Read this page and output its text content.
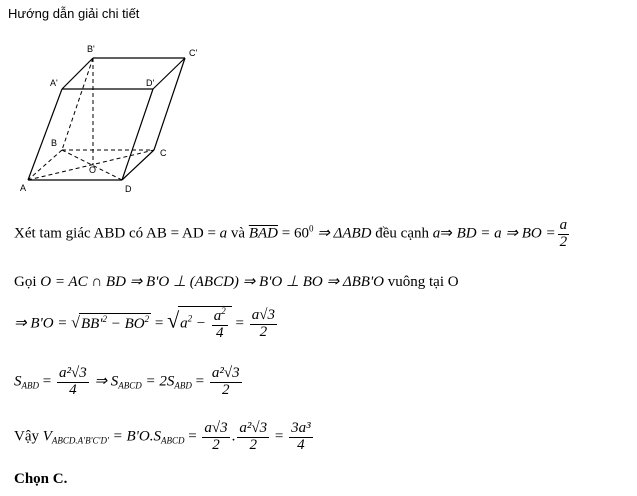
Hướng dẫn giải chi tiết
B'	C'
A'	D'
B
C
O
A	D
Xét tam giác ABD có AB = AD = a và $\overline{BAD} = 60^0$ ⇒ ΔABD đều cạnh a⇒ BD = a ⇒ BO = $\frac{a}{2}$
Gọi O = AC ∩ BD ⇒ B'O ⊥ (ABCD) ⇒ B'O ⊥ BO ⇒ ΔBB'O vuông tại O
⇒ $B'O = √BB'^2 - BO^2 = √a^2 - \frac{a^2}{4} = \frac{a√3}{2}$
$S_{ABD} = \frac{\text{a²√3}}{4}$ ⇒ $S_{ABCD} = 2S_{ABD} = \frac{\text{a²√3}}{2}$
Vậy $V_{ABCD.A'B'C'D'} = B'O.S_{ABCD} = \frac{a√3}{2}$ . $\frac{\text{a²√3}}{2} = \frac{\text{3a³}}{4}$
Chọn C.
